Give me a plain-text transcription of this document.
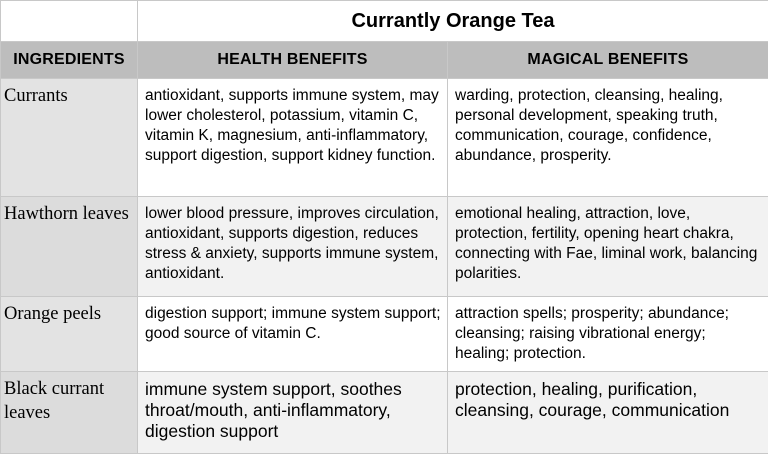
	Currantly Orange Tea	
INGREDIENTS	HEALTH BENEFITS	MAGICAL BENEFITS
Currants	antioxidant, supports immune system, may lower cholesterol, potassium, vitamin C, vitamin K, magnesium, anti-inflammatory, support digestion, support kidney function.	warding, protection, cleansing, healing, personal development, speaking truth, communication, courage, confidence, abundance, prosperity.
Hawthorn leaves	lower blood pressure, improves circulation, antioxidant, supports digestion, reduces stress & anxiety, supports immune system, antioxidant.	emotional healing, attraction, love, protection, fertility, opening heart chakra, connecting with Fae, liminal work, balancing polarities.
Orange peels	digestion support; immune system support; good source of vitamin C.	attraction spells; prosperity; abundance; cleansing; raising vibrational energy; healing; protection.
Black currant leaves	immune system support, soothes throat/mouth, anti-inflammatory, digestion support	protection, healing, purification, cleansing, courage, communication
